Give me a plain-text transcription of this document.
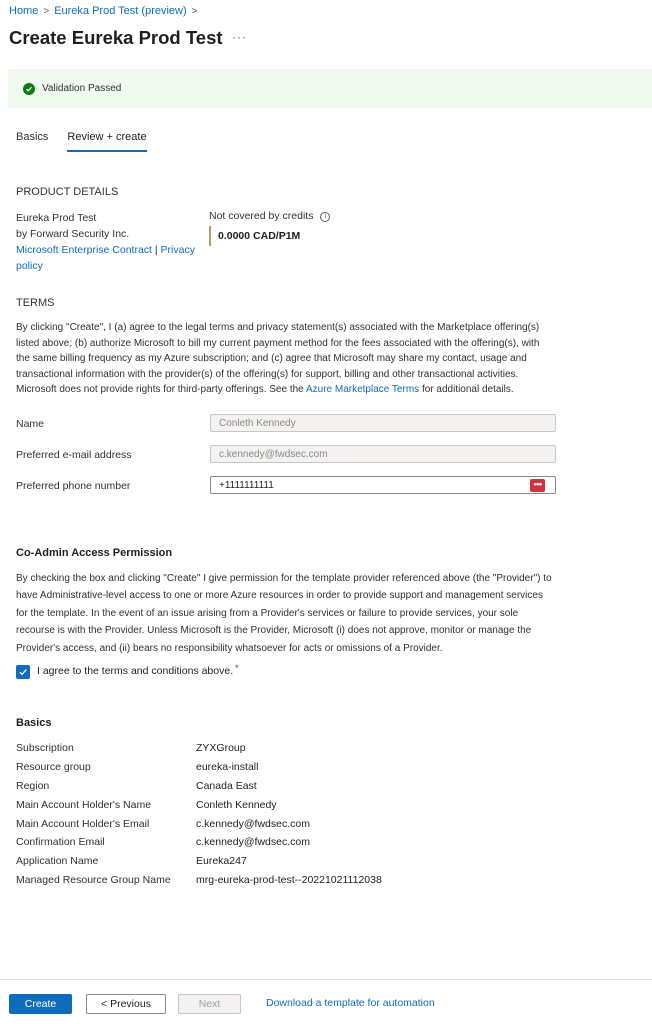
Home > Eureka Prod Test (preview) >
Create Eureka Prod Test ···
Validation Passed
Basics Review + create
PRODUCT DETAILS
Eureka Prod Test
by Forward Security Inc.
Microsoft Enterprise Contract | Privacy
policy
Not covered by credits i
0.0000 CAD/P1M
TERMS
By clicking "Create", I (a) agree to the legal terms and privacy statement(s) associated with the Marketplace offering(s) listed above; (b) authorize Microsoft to bill my current payment method for the fees associated with the offering(s), with the same billing frequency as my Azure subscription; and (c) agree that Microsoft may share my contact, usage and transactional information with the provider(s) of the offering(s) for support, billing and other transactional activities. Microsoft does not provide rights for third-party offerings. See the Azure Marketplace Terms for additional details.
Name
Conleth Kennedy
Preferred e-mail address
c.kennedy@fwdsec.com
Preferred phone number
+1111111111	•••
Co-Admin Access Permission
By checking the box and clicking "Create" I give permission for the template provider referenced above (the "Provider") to have Administrative-level access to one or more Azure resources in order to provide support and management services for the template. In the event of an issue arising from a Provider's services or failure to provide services, your sole recourse is with the Provider. Unless Microsoft is the Provider, Microsoft (i) does not approve, monitor or manage the Provider's access, and (ii) bears no responsibility whatsoever for acts or omissions of a Provider.
I agree to the terms and conditions above. *
Basics
Subscription	ZYXGroup
Resource group	eureka-install
Region	Canada East
Main Account Holder's Name	Conleth Kennedy
Main Account Holder's Email	c.kennedy@fwdsec.com
Confirmation Email	c.kennedy@fwdsec.com
Application Name	Eureka247
Managed Resource Group Name	mrg-eureka-prod-test--20221021112038
Create	< Previous	Next	Download a template for automation
